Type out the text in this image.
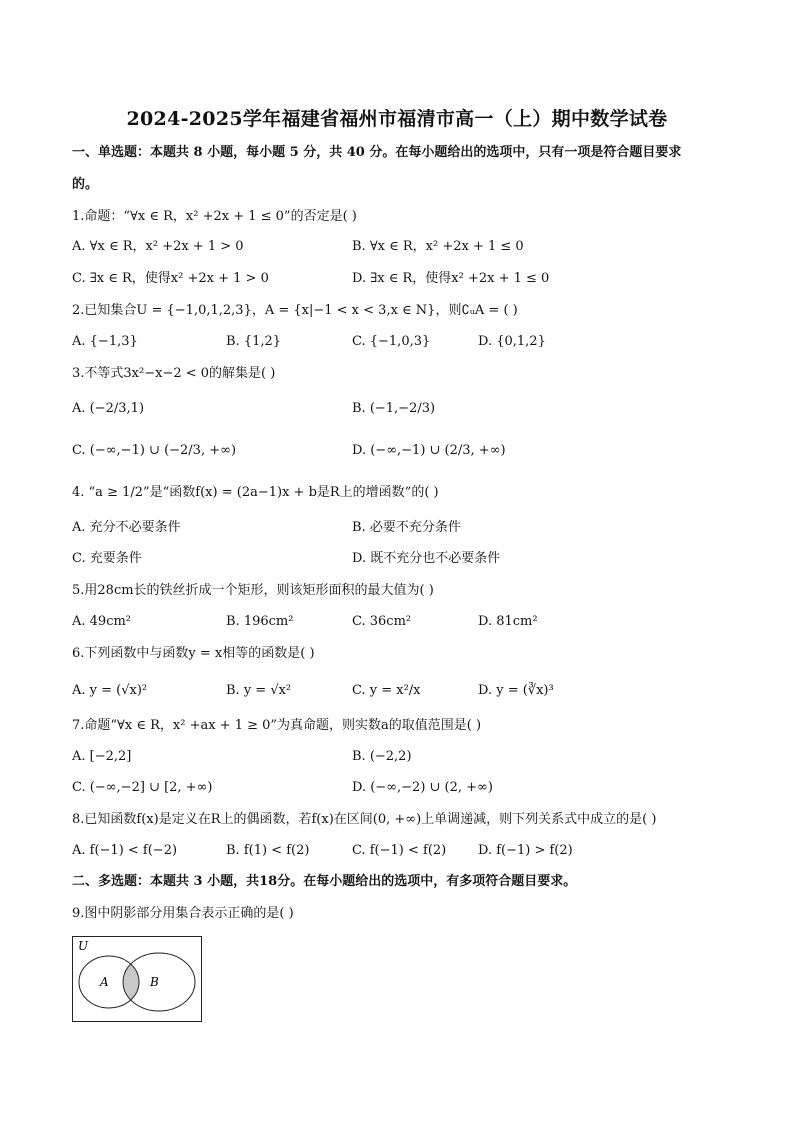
2024-2025学年福建省福州市福清市高一（上）期中数学试卷
一、单选题：本题共 8 小题，每小题 5 分，共 40 分。在每小题给出的选项中，只有一项是符合题目要求
的。
1.命题：“∀x ∈ R，x² +2x + 1 ≤ 0”的否定是( )
A. ∀x ∈ R，x² +2x + 1 > 0	B. ∀x ∈ R，x² +2x + 1 ≤ 0
C. ∃x ∈ R，使得x² +2x + 1 > 0	D. ∃x ∈ R，使得x² +2x + 1 ≤ 0
2.已知集合U = {−1,0,1,2,3}，A = {x|−1 < x < 3,x ∈ N}，则∁ᵤA = ( )
A. {−1,3}	B. {1,2}	C. {−1,0,3}	D. {0,1,2}
3.不等式3x²−x−2 < 0的解集是( )
A. (−2/3,1)	B. (−1,−2/3)
C. (−∞,−1) ∪ (−2/3, +∞)	D. (−∞,−1) ∪ (2/3, +∞)
4. “a ≥ 1/2”是“函数f(x) = (2a−1)x + b是R上的增函数”的( )
A. 充分不必要条件	B. 必要不充分条件
C. 充要条件	D. 既不充分也不必要条件
5.用28cm长的铁丝折成一个矩形，则该矩形面积的最大值为( )
A. 49cm²	B. 196cm²	C. 36cm²	D. 81cm²
6.下列函数中与函数y = x相等的函数是( )
A. y = (√x)²	B. y = √x²	C. y = x²/x	D. y = (∛x)³
7.命题“∀x ∈ R，x² +ax + 1 ≥ 0”为真命题，则实数a的取值范围是( )
A. [−2,2]	B. (−2,2)
C. (−∞,−2] ∪ [2, +∞)	D. (−∞,−2) ∪ (2, +∞)
8.已知函数f(x)是定义在R上的偶函数，若f(x)在区间(0, +∞)上单调递减，则下列关系式中成立的是( )
A. f(−1) < f(−2)	B. f(1) < f(2)	C. f(−1) < f(2) D. f(−1) > f(2)
二、多选题：本题共 3 小题，共18分。在每小题给出的选项中，有多项符合题目要求。
9.图中阴影部分用集合表示正确的是( )
U
A	B
